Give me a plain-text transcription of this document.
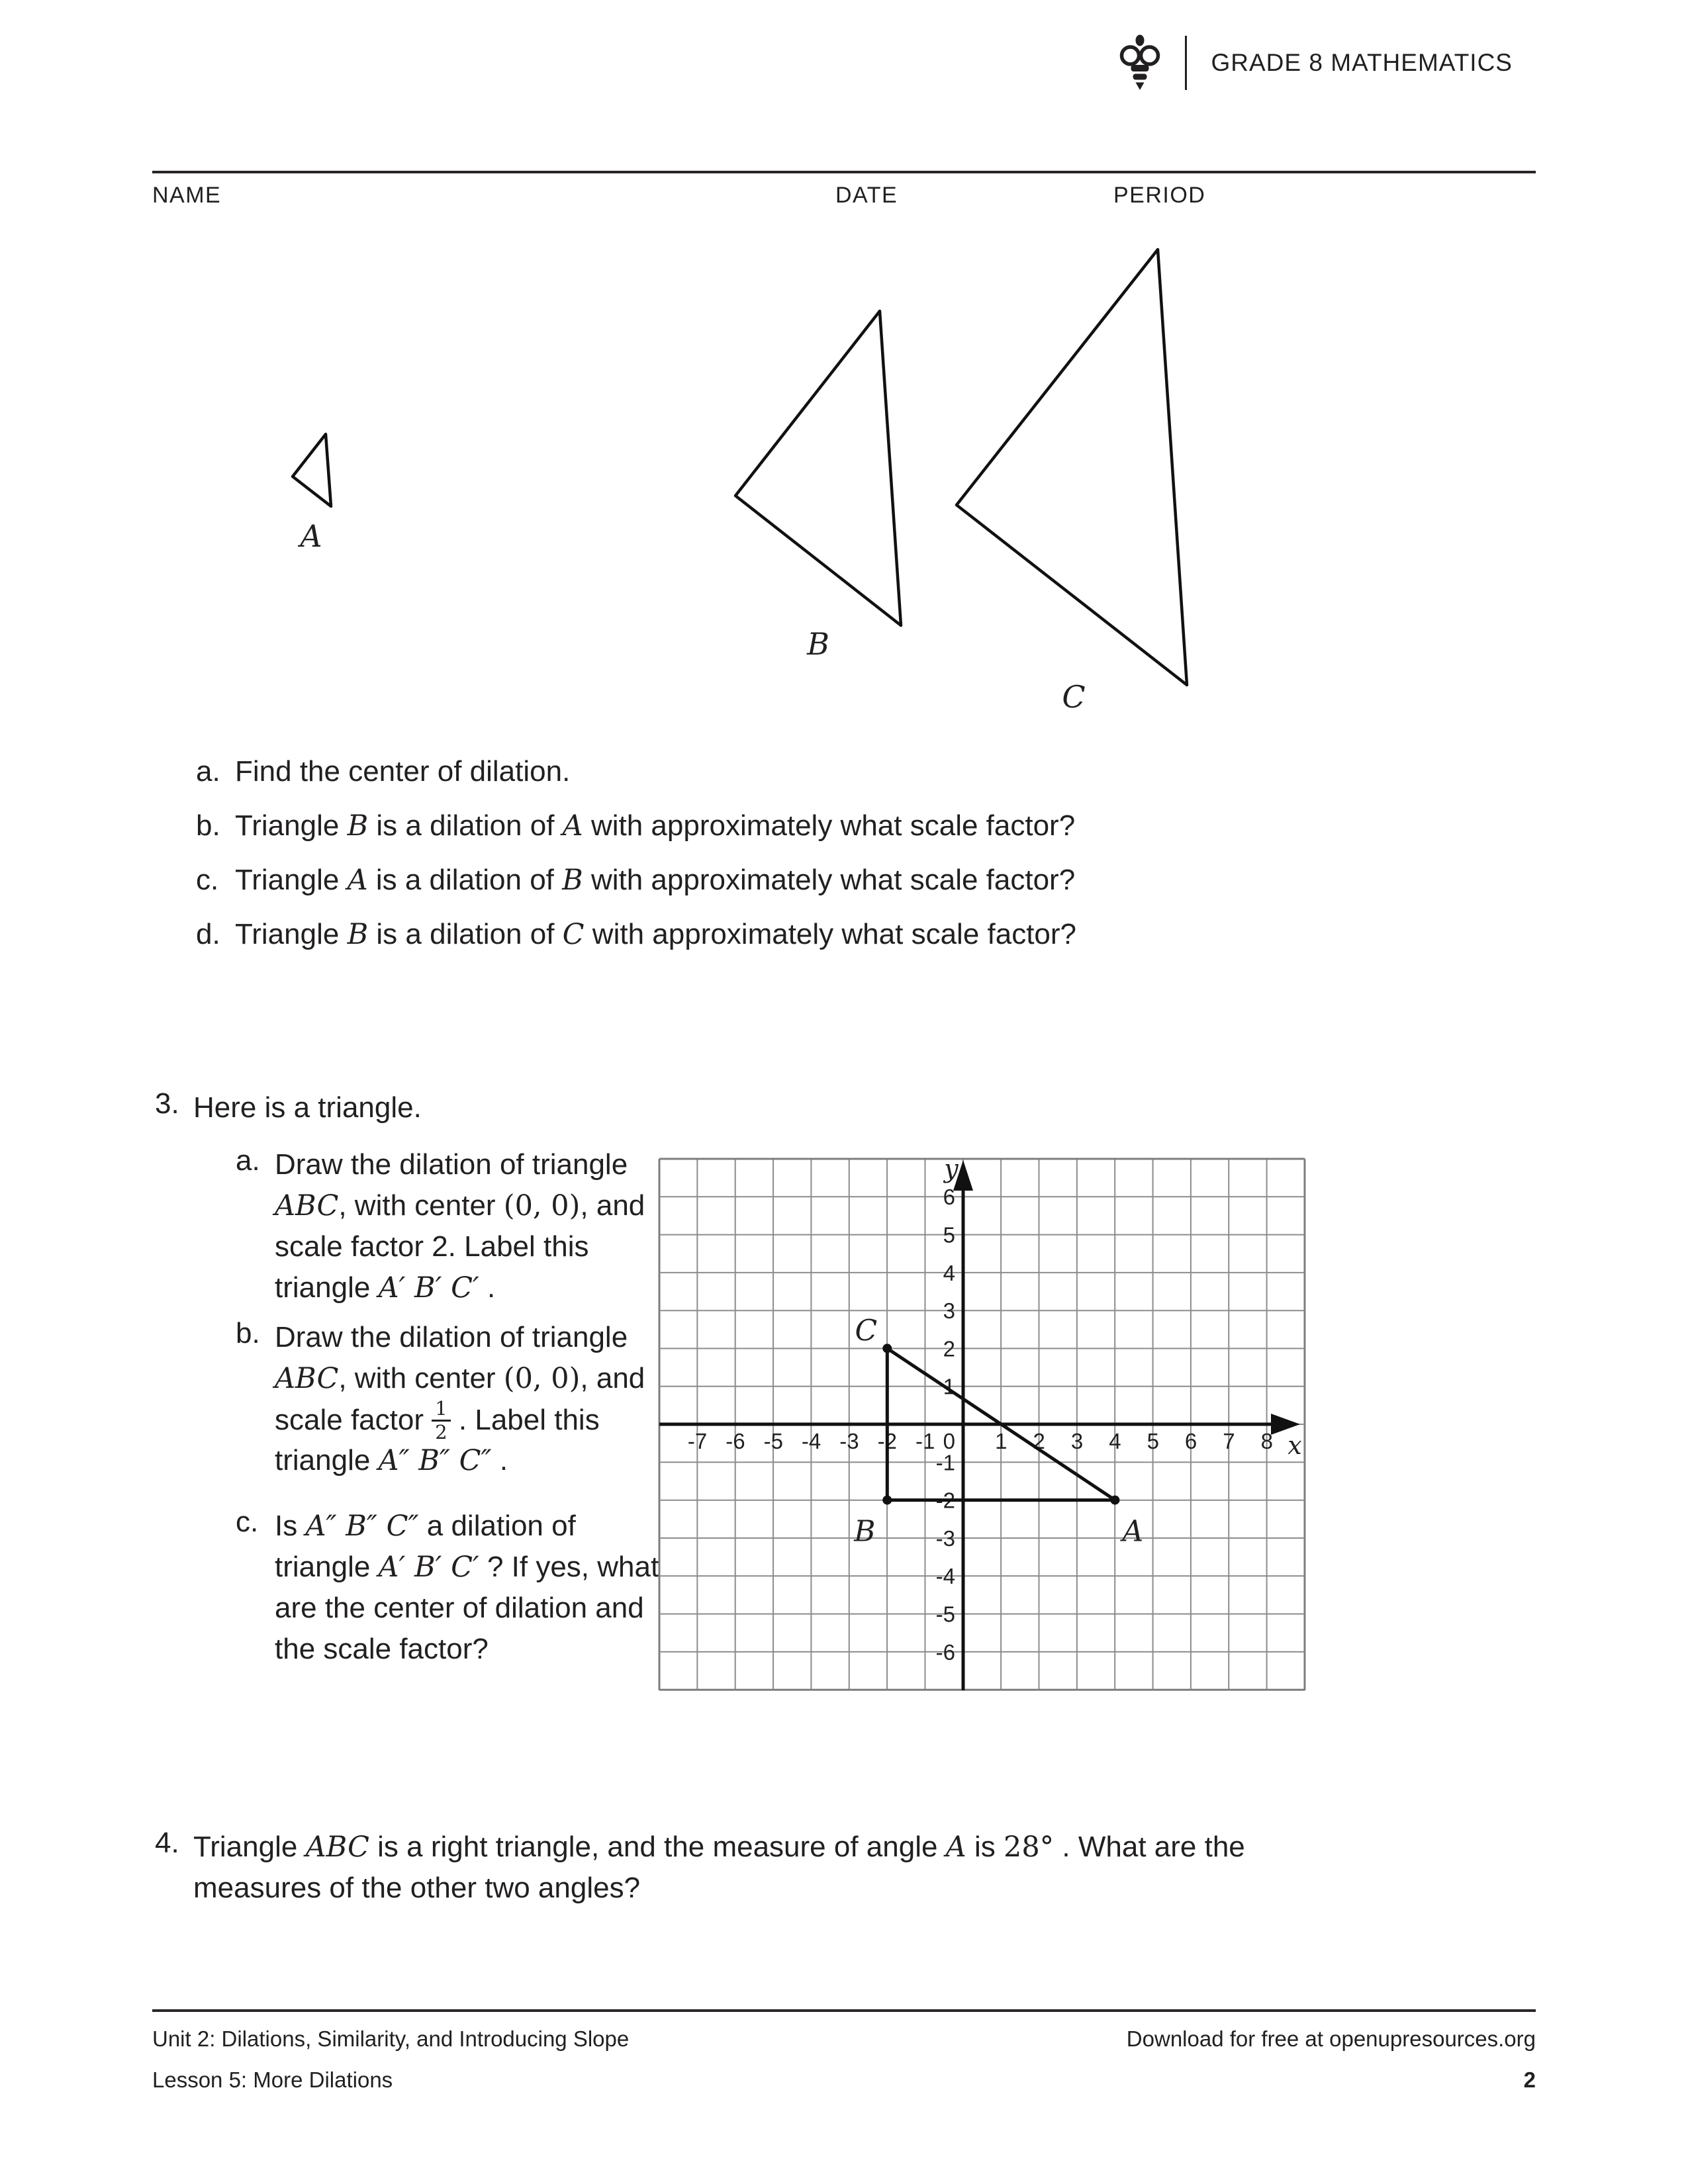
GRADE 8 MATHEMATICS
NAME	DATE	PERIOD
A
B
C
a. Find the center of dilation.
b. Triangle B is a dilation of A with approximately what scale factor?
c. Triangle A is a dilation of B with approximately what scale factor?
d. Triangle B is a dilation of C with approximately what scale factor?
3. Here is a triangle.
a. Draw the dilation of triangle
ABC, with center (0, 0), and
scale factor 2. Label this
triangle A′ B′ C′ .
b. Draw the dilation of triangle
ABC, with center (0, 0), and
scale factor $\frac{1}{2}$ . Label this
triangle A″ B″ C″ .
c. Is A″ B″ C″ a dilation of
triangle A′ B′ C′ ? If yes, what
are the center of dilation and
the scale factor?
x
y
-7 -6 -5 -4 -3 -2 -1	1 2 3 4 5 6 7 8
6
5
4
3
2
1
-1
-2
-3
-4
-5
-6
0
A
B
C
4. Triangle ABC is a right triangle, and the measure of angle A is 28° . What are the
measures of the other two angles?
Unit 2: Dilations, Similarity, and Introducing Slope
Lesson 5: More Dilations
Download for free at openupresources.org
2
